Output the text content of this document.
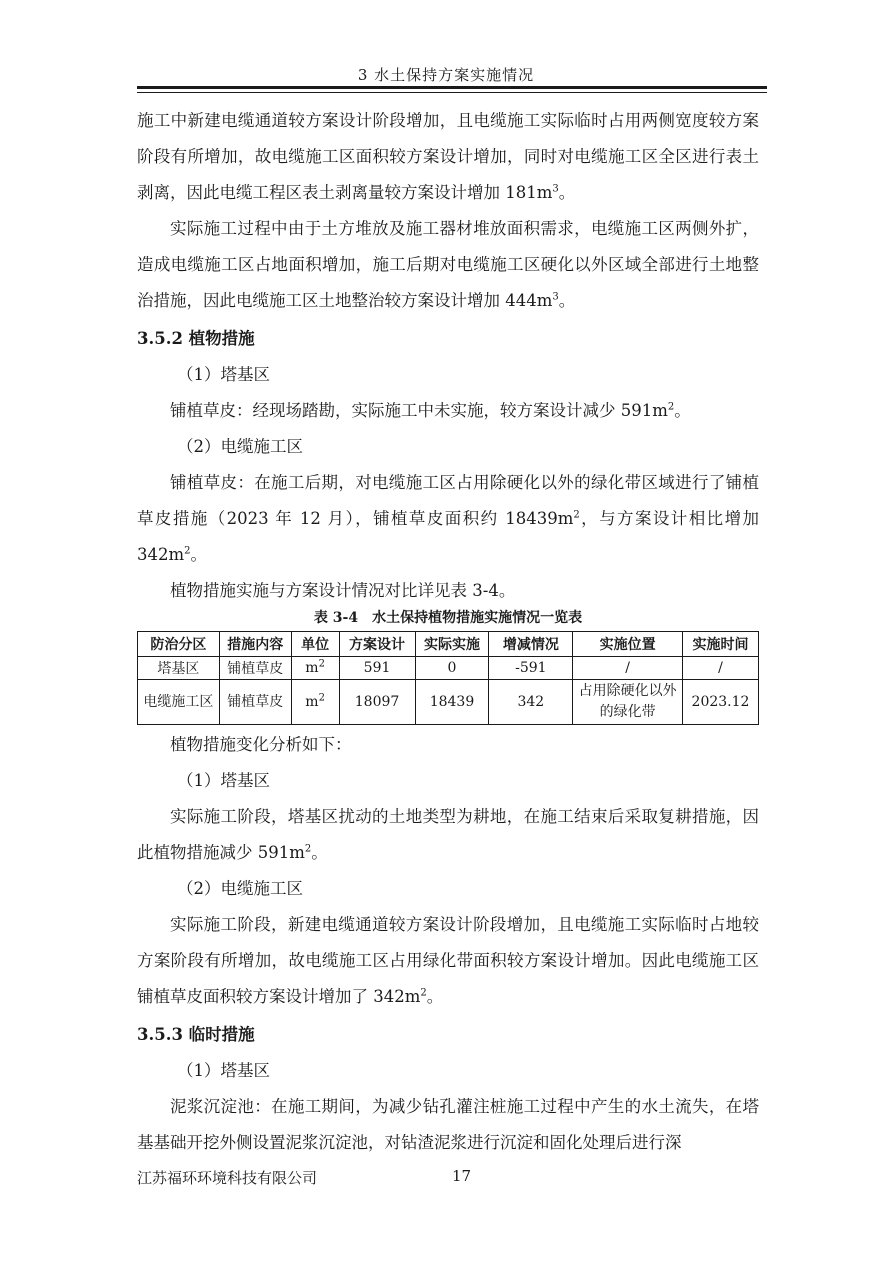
3 水土保持方案实施情况

施工中新建电缆通道较方案设计阶段增加，且电缆施工实际临时占用两侧宽度较方案阶段有所增加，故电缆施工区面积较方案设计增加，同时对电缆施工区全区进行表土剥离，因此电缆工程区表土剥离量较方案设计增加 $181m^3$。

实际施工过程中由于土方堆放及施工器材堆放面积需求，电缆施工区两侧外扩，造成电缆施工区占地面积增加，施工后期对电缆施工区硬化以外区域全部进行土地整治措施，因此电缆施工区土地整治较方案设计增加 $444m^3$。

3.5.2 植物措施

（1）塔基区

铺植草皮：经现场踏勘，实际施工中未实施，较方案设计减少 $591m^2$。

（2）电缆施工区

铺植草皮：在施工后期，对电缆施工区占用除硬化以外的绿化带区域进行了铺植草皮措施（2023 年 12 月），铺植草皮面积约 $18439m^2$，与方案设计相比增加 $342m^2$。

植物措施实施与方案设计情况对比详见表 3-4。

表 3-4　水土保持植物措施实施情况一览表
防治分区	措施内容	单位	方案设计	实际实施	增减情况	实施位置	实施时间
塔基区	铺植草皮	$m^2$	591	0	-591	/	/
电缆施工区	铺植草皮	$m^2$	18097	18439	342	占用除硬化以外的绿化带	2023.12

植物措施变化分析如下：

（1）塔基区

实际施工阶段，塔基区扰动的土地类型为耕地，在施工结束后采取复耕措施，因此植物措施减少 $591m^2$。

（2）电缆施工区

实际施工阶段，新建电缆通道较方案设计阶段增加，且电缆施工实际临时占地较方案阶段有所增加，故电缆施工区占用绿化带面积较方案设计增加。因此电缆施工区铺植草皮面积较方案设计增加了 $342m^2$。

3.5.3 临时措施

（1）塔基区

泥浆沉淀池：在施工期间，为减少钻孔灌注桩施工过程中产生的水土流失，在塔基基础开挖外侧设置泥浆沉淀池，对钻渣泥浆进行沉淀和固化处理后进行深

江苏福环环境科技有限公司	17
